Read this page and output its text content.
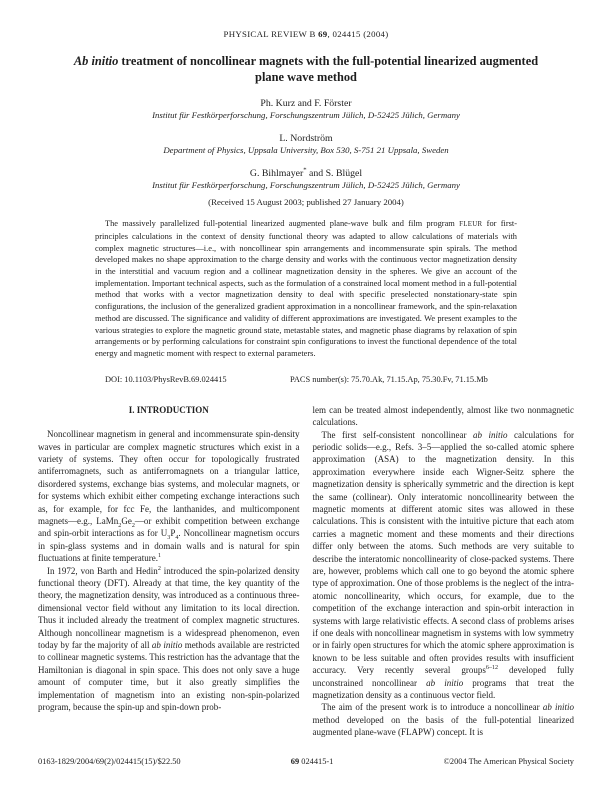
PHYSICAL REVIEW B 69, 024415 (2004)
Ab initio treatment of noncollinear magnets with the full-potential linearized augmented plane wave method
Ph. Kurz and F. Förster
Institut für Festkörperforschung, Forschungszentrum Jülich, D-52425 Jülich, Germany
L. Nordström
Department of Physics, Uppsala University, Box 530, S-751 21 Uppsala, Sweden
G. Bihlmayer* and S. Blügel
Institut für Festkörperforschung, Forschungszentrum Jülich, D-52425 Jülich, Germany
(Received 15 August 2003; published 27 January 2004)
The massively parallelized full-potential linearized augmented plane-wave bulk and film program FLEUR for first-principles calculations in the context of density functional theory was adapted to allow calculations of materials with complex magnetic structures—i.e., with noncollinear spin arrangements and incommensurate spin spirals. The method developed makes no shape approximation to the charge density and works with the continuous vector magnetization density in the interstitial and vacuum region and a collinear magnetization density in the spheres. We give an account of the implementation. Important technical aspects, such as the formulation of a constrained local moment method in a full-potential method that works with a vector magnetization density to deal with specific preselected nonstationary-state spin configurations, the inclusion of the generalized gradient approximation in a noncollinear framework, and the spin-relaxation method are discussed. The significance and validity of different approximations are investigated. We present examples to the various strategies to explore the magnetic ground state, metastable states, and magnetic phase diagrams by relaxation of spin arrangements or by performing calculations for constraint spin configurations to invest the functional dependence of the total energy and magnetic moment with respect to external parameters.
DOI: 10.1103/PhysRevB.69.024415	PACS number(s): 75.70.Ak, 71.15.Ap, 75.30.Fv, 71.15.Mb
I. INTRODUCTION

Noncollinear magnetism in general and incommensurate spin-density waves in particular are complex magnetic structures which exist in a variety of systems. They often occur for topologically frustrated antiferromagnets, such as antiferromagnets on a triangular lattice, disordered systems, exchange bias systems, and molecular magnets, or for systems which exhibit either competing exchange interactions such as, for example, for fcc Fe, the lanthanides, and multicomponent magnets—e.g., $LaMn_2Ge_2—or$ exhibit competition between exchange and spin-orbit interactions as for $U_3P_4$. Noncollinear magnetism occurs in spin-glass systems and in domain walls and is natural for spin fluctuations at finite temperature.$^1$

In 1972, von Barth and Hedin$^2$ introduced the spin-polarized density functional theory (DFT). Already at that time, the key quantity of the theory, the magnetization density, was introduced as a continuous three-dimensional vector field without any limitation to its local direction. Thus it included already the treatment of complex magnetic structures. Although noncollinear magnetism is a widespread phenomenon, even today by far the majority of all ab initio methods available are restricted to collinear magnetic systems. This restriction has the advantage that the Hamiltonian is diagonal in spin space. This does not only save a huge amount of computer time, but it also greatly simplifies the implementation of magnetism into an existing non-spin-polarized program, because the spin-up and spin-down prob-

lem can be treated almost independently, almost like two nonmagnetic calculations.

The first self-consistent noncollinear ab initio calculations for periodic solids—e.g., Refs. 3–5—applied the so-called atomic sphere approximation (ASA) to the magnetization density. In this approximation everywhere inside each Wigner-Seitz sphere the magnetization density is spherically symmetric and the direction is kept the same (collinear). Only interatomic noncollinearity between the magnetic moments at different atomic sites was allowed in these calculations. This is consistent with the intuitive picture that each atom carries a magnetic moment and these moments and their directions differ only between the atoms. Such methods are very suitable to describe the interatomic noncollinearity of close-packed systems. There are, however, problems which call one to go beyond the atomic sphere type of approximation. One of those problems is the neglect of the intra-atomic noncollinearity, which occurs, for example, due to the competition of the exchange interaction and spin-orbit interaction in systems with large relativistic effects. A second class of problems arises if one deals with noncollinear magnetism in systems with low symmetry or in fairly open structures for which the atomic sphere approximation is known to be less suitable and often provides results with insufficient accuracy. Very recently several groups$^{6-12}$ developed fully unconstrained noncollinear ab initio programs that treat the magnetization density as a continuous vector field.

The aim of the present work is to introduce a noncollinear ab initio method developed on the basis of the full-potential linearized augmented plane-wave (FLAPW) concept. It is

0163-1829/2004/69(2)/024415(15)/$22.50	69 024415-1	©2004 The American Physical Society
